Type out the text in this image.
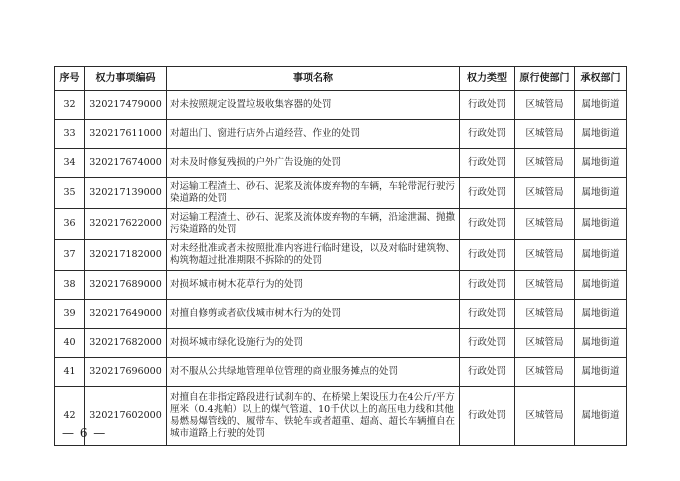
序号	权力事项编码	事项名称	权力类型	原行使部门	承权部门
32	320217479000	对未按照规定设置垃圾收集容器的处罚	行政处罚	区城管局	属地街道
33	320217611000	对超出门、窗进行店外占道经营、作业的处罚	行政处罚	区城管局	属地街道
34	320217674000	对未及时修复残损的户外广告设施的处罚	行政处罚	区城管局	属地街道
35	320217139000	对运输工程渣土、砂石、泥浆及流体废弃物的车辆，车轮带泥行驶污染道路的处罚	行政处罚	区城管局	属地街道
36	320217622000	对运输工程渣土、砂石、泥浆及流体废弃物的车辆，沿途泄漏、抛撒污染道路的处罚	行政处罚	区城管局	属地街道
37	320217182000	对未经批准或者未按照批准内容进行临时建设，以及对临时建筑物、构筑物超过批准期限不拆除的的处罚	行政处罚	区城管局	属地街道
38	320217689000	对损坏城市树木花草行为的处罚	行政处罚	区城管局	属地街道
39	320217649000	对擅自修剪或者砍伐城市树木行为的处罚	行政处罚	区城管局	属地街道
40	320217682000	对损坏城市绿化设施行为的处罚	行政处罚	区城管局	属地街道
41	320217696000	对不服从公共绿地管理单位管理的商业服务摊点的处罚	行政处罚	区城管局	属地街道
42	320217602000	对擅自在非指定路段进行试刹车的、在桥梁上架设压力在4公斤/平方厘米（0.4兆帕）以上的煤气管道、10千伏以上的高压电力线和其他易燃易爆管线的、履带车、铁轮车或者超重、超高、超长车辆擅自在城市道路上行驶的处罚	行政处罚	区城管局	属地街道
— 6 —
